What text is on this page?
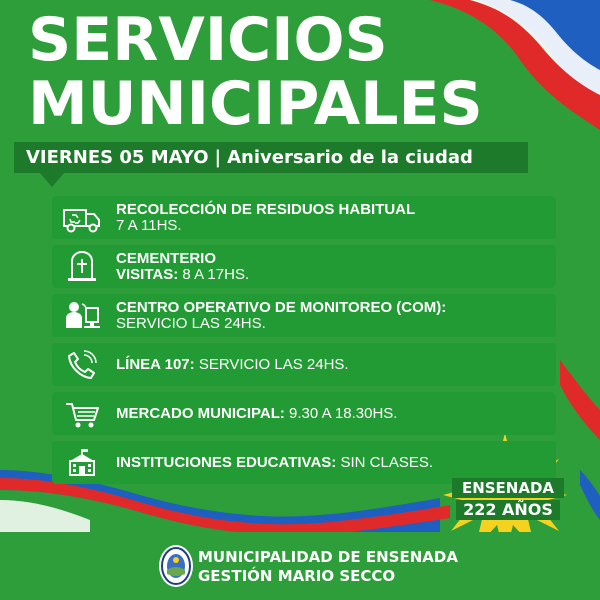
SERVICIOS
MUNICIPALES
VIERNES 05 MAYO | Aniversario de la ciudad
RECOLECCIÓN DE RESIDUOS HABITUAL
7 A 11HS.
CEMENTERIO
VISITAS: 8 A 17HS.
CENTRO OPERATIVO DE MONITOREO (COM):
SERVICIO LAS 24HS.
LÍNEA 107: SERVICIO LAS 24HS.
MERCADO MUNICIPAL: 9.30 A 18.30HS.
INSTITUCIONES EDUCATIVAS: SIN CLASES.
ENSENADA
222 AÑOS
MUNICIPALIDAD DE ENSENADA
GESTIÓN MARIO SECCO
